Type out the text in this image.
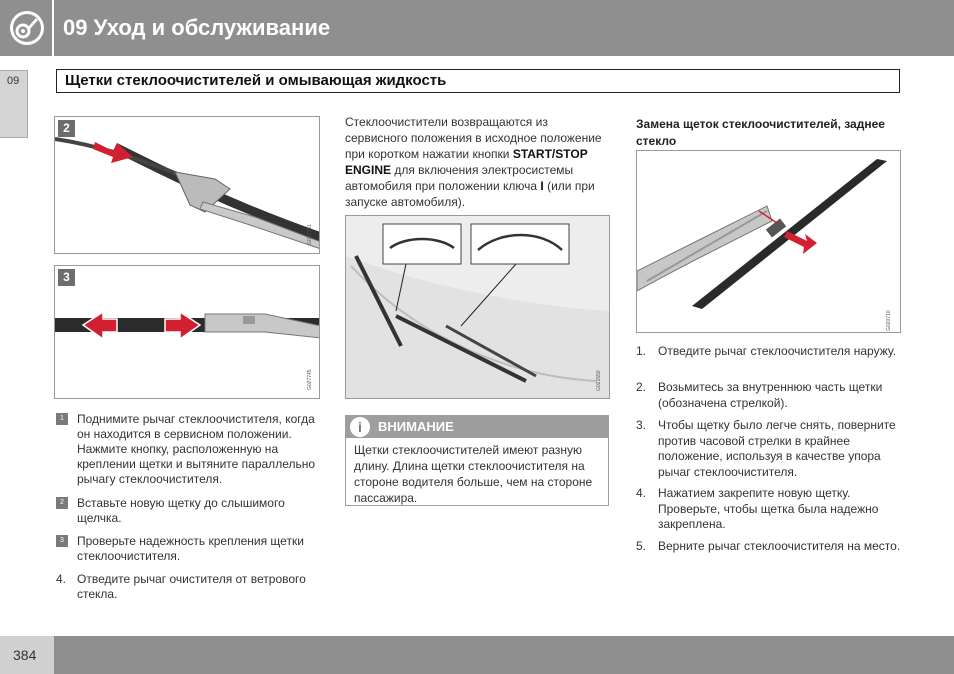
09 Уход и обслуживание
09	Щетки стеклоочистителей и омывающая жидкость
2
G027751
3
G027745
1	Поднимите рычаг стеклоочистителя, когда он находится в сервисном положении. Нажмите кнопку, расположенную на креплении щетки и вытяните параллельно рычагу стеклоочистителя.
2	Вставьте новую щетку до слышимого щелчка.
3	Проверьте надежность крепления щетки стеклоочистителя.
4. Отведите рычаг очистителя от ветрового стекла.
Стеклоочистители возвращаются из сервисного положения в исходное положение при коротком нажатии кнопки START/STOP ENGINE для включения электросистемы автомобиля при положении ключа I (или при запуске автомобиля).
G021550
i	ВНИМАНИЕ
Щетки стеклоочистителей имеют разную длину. Длина щетки стеклоочистителя на стороне водителя больше, чем на стороне пассажира.
Замена щеток стеклоочистителей, заднее стекло
G020710
1. Отведите рычаг стеклоочистителя наружу.
2. Возьмитесь за внутреннюю часть щетки (обозначена стрелкой).
3. Чтобы щетку было легче снять, поверните против часовой стрелки в крайнее положение, используя в качестве упора рычаг стеклоочистителя.
4. Нажатием закрепите новую щетку. Проверьте, чтобы щетка была надежно закреплена.
5. Верните рычаг стеклоочистителя на место.
384
